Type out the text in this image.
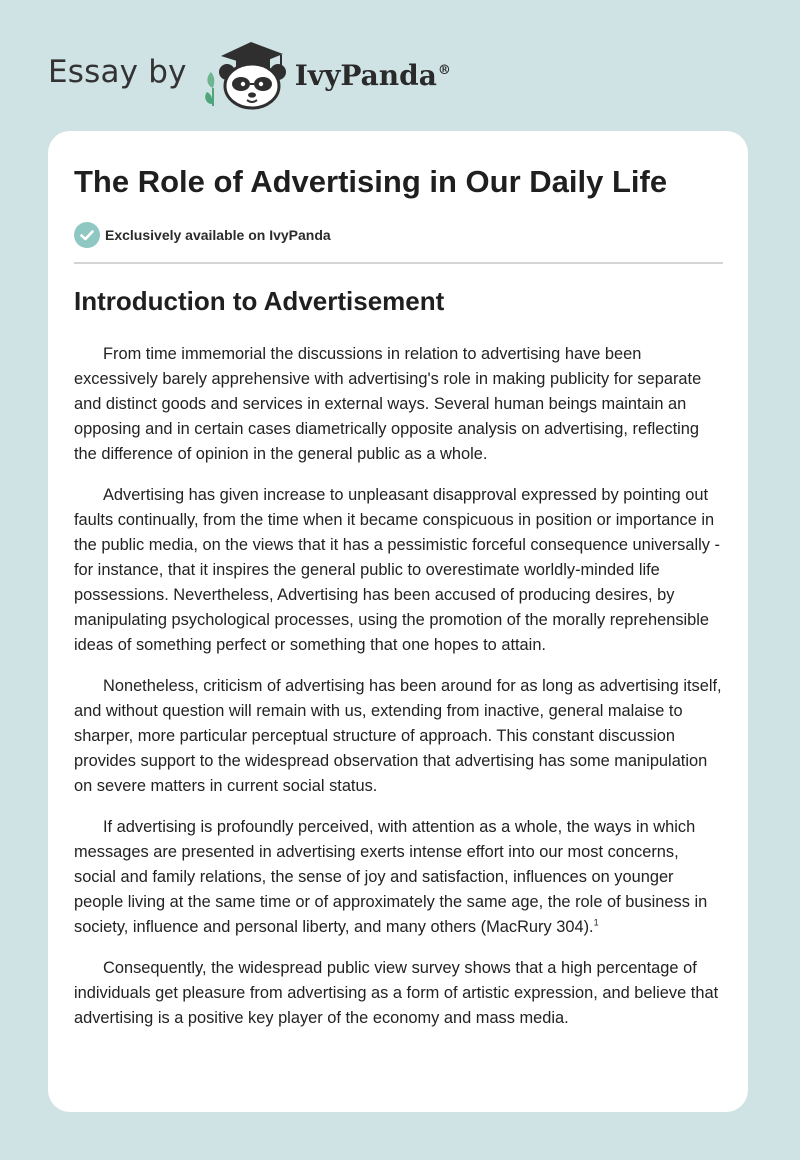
Essay by	IvyPanda®
The Role of Advertising in Our Daily Life
Exclusively available on IvyPanda
Introduction to Advertisement

From time immemorial the discussions in relation to advertising have been excessively barely apprehensive with advertising's role in making publicity for separate and distinct goods and services in external ways. Several human beings maintain an opposing and in certain cases diametrically opposite analysis on advertising, reflecting the difference of opinion in the general public as a whole.

Advertising has given increase to unpleasant disapproval expressed by pointing out faults continually, from the time when it became conspicuous in position or importance in the public media, on the views that it has a pessimistic forceful consequence universally -for instance, that it inspires the general public to overestimate worldly-minded life possessions. Nevertheless, Advertising has been accused of producing desires, by manipulating psychological processes, using the promotion of the morally reprehensible ideas of something perfect or something that one hopes to attain.

Nonetheless, criticism of advertising has been around for as long as advertising itself, and without question will remain with us, extending from inactive, general malaise to sharper, more particular perceptual structure of approach. This constant discussion provides support to the widespread observation that advertising has some manipulation on severe matters in current social status.

If advertising is profoundly perceived, with attention as a whole, the ways in which messages are presented in advertising exerts intense effort into our most concerns, social and family relations, the sense of joy and satisfaction, influences on younger people living at the same time or of approximately the same age, the role of business in society, influence and personal liberty, and many others (MacRury 304).$^1$

Consequently, the widespread public view survey shows that a high percentage of individuals get pleasure from advertising as a form of artistic expression, and believe that advertising is a positive key player of the economy and mass media.
